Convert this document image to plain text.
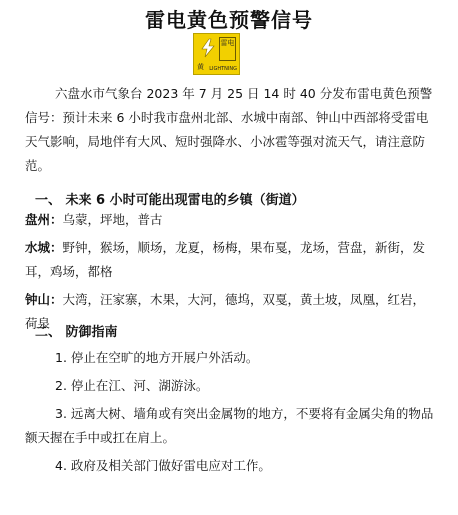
雷电黄色预警信号
雷电
黄 LIGHTNING

六盘水市气象台 2023 年 7 月 25 日 14 时 40 分发布雷电黄色预警信号：预计未来 6 小时我市盘州北部、水城中南部、钟山中西部将受雷电天气影响，局地伴有大风、短时强降水、小冰雹等强对流天气，请注意防范。

一、 未来 6 小时可能出现雷电的乡镇（街道）

盘州：乌蒙，坪地，普古

水城：野钟，猴场，顺场，龙夏，杨梅，果布戛，龙场，营盘，新街，发耳，鸡场，都格

钟山：大湾，汪家寨，木果，大河，德坞，双戛，黄土坡，凤凰，红岩，荷泉

二、 防御指南

1. 停止在空旷的地方开展户外活动。

2. 停止在江、河、湖游泳。

3. 远离大树、墙角或有突出金属物的地方，不要将有金属尖角的物品额天握在手中或扛在肩上。

4. 政府及相关部门做好雷电应对工作。
